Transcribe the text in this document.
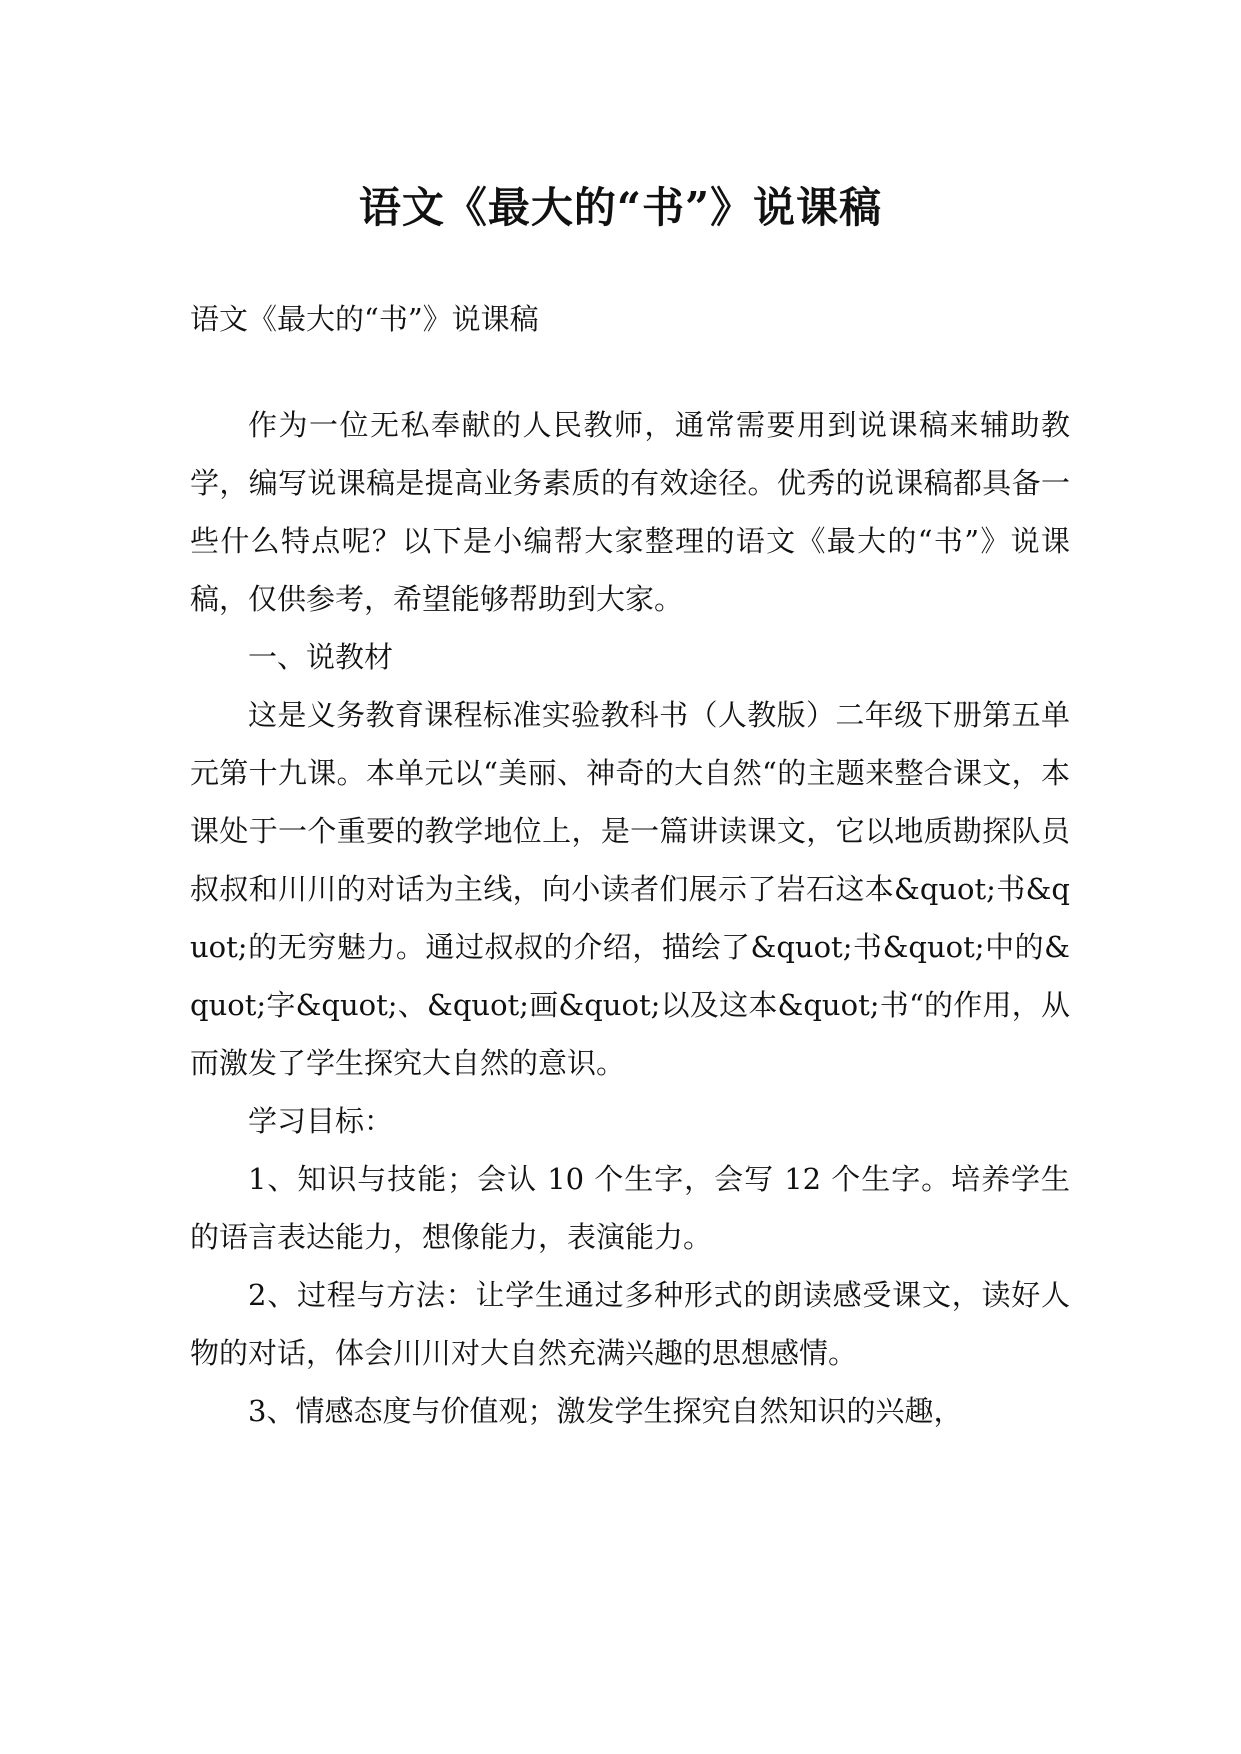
语文《最大的“书”》说课稿
语文《最大的“书”》说课稿

作为一位无私奉献的人民教师，通常需要用到说课稿来辅助教学，编写说课稿是提高业务素质的有效途径。优秀的说课稿都具备一些什么特点呢？以下是小编帮大家整理的语文《最大的“书”》说课稿，仅供参考，希望能够帮助到大家。

一、说教材

这是义务教育课程标准实验教科书（人教版）二年级下册第五单元第十九课。本单元以“美丽、神奇的大自然“的主题来整合课文，本课处于一个重要的教学地位上，是一篇讲读课文，它以地质勘探队员叔叔和川川的对话为主线，向小读者们展示了岩石这本&quot;书&quot;的无穷魅力。通过叔叔的介绍，描绘了&quot;书&quot;中的&quot;字&quot;、&quot;画&quot;以及这本&quot;书“的作用，从而激发了学生探究大自然的意识。

学习目标：

1、知识与技能；会认 10 个生字，会写 12 个生字。培养学生的语言表达能力，想像能力，表演能力。

2、过程与方法：让学生通过多种形式的朗读感受课文，读好人物的对话，体会川川对大自然充满兴趣的思想感情。

3、情感态度与价值观；激发学生探究自然知识的兴趣，
